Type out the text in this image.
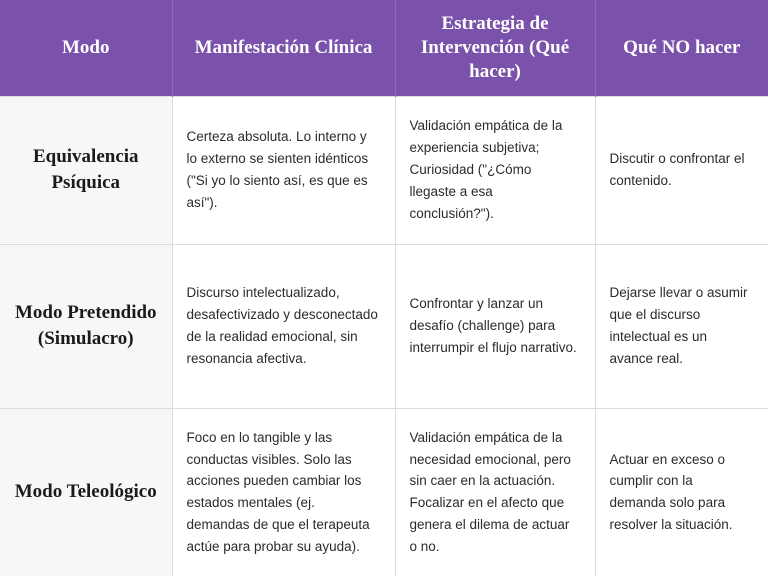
Modo	Manifestación Clínica	Estrategia de Intervención (Qué hacer)	Qué NO hacer
Equivalencia Psíquica	Certeza absoluta. Lo interno y lo externo se sienten idénticos ("Si yo lo siento así, es que es así").	Validación empática de la experiencia subjetiva; Curiosidad ("¿Cómo llegaste a esa conclusión?").	Discutir o confrontar el contenido.
Modo Pretendido (Simulacro)	Discurso intelectualizado, desafectivizado y desconectado de la realidad emocional, sin resonancia afectiva.	Confrontar y lanzar un desafío (challenge) para interrumpir el flujo narrativo.	Dejarse llevar o asumir que el discurso intelectual es un avance real.
Modo Teleológico	Foco en lo tangible y las conductas visibles. Solo las acciones pueden cambiar los estados mentales (ej. demandas de que el terapeuta actúe para probar su ayuda).	Validación empática de la necesidad emocional, pero sin caer en la actuación. Focalizar en el afecto que genera el dilema de actuar o no.	Actuar en exceso o cumplir con la demanda solo para resolver la situación.
